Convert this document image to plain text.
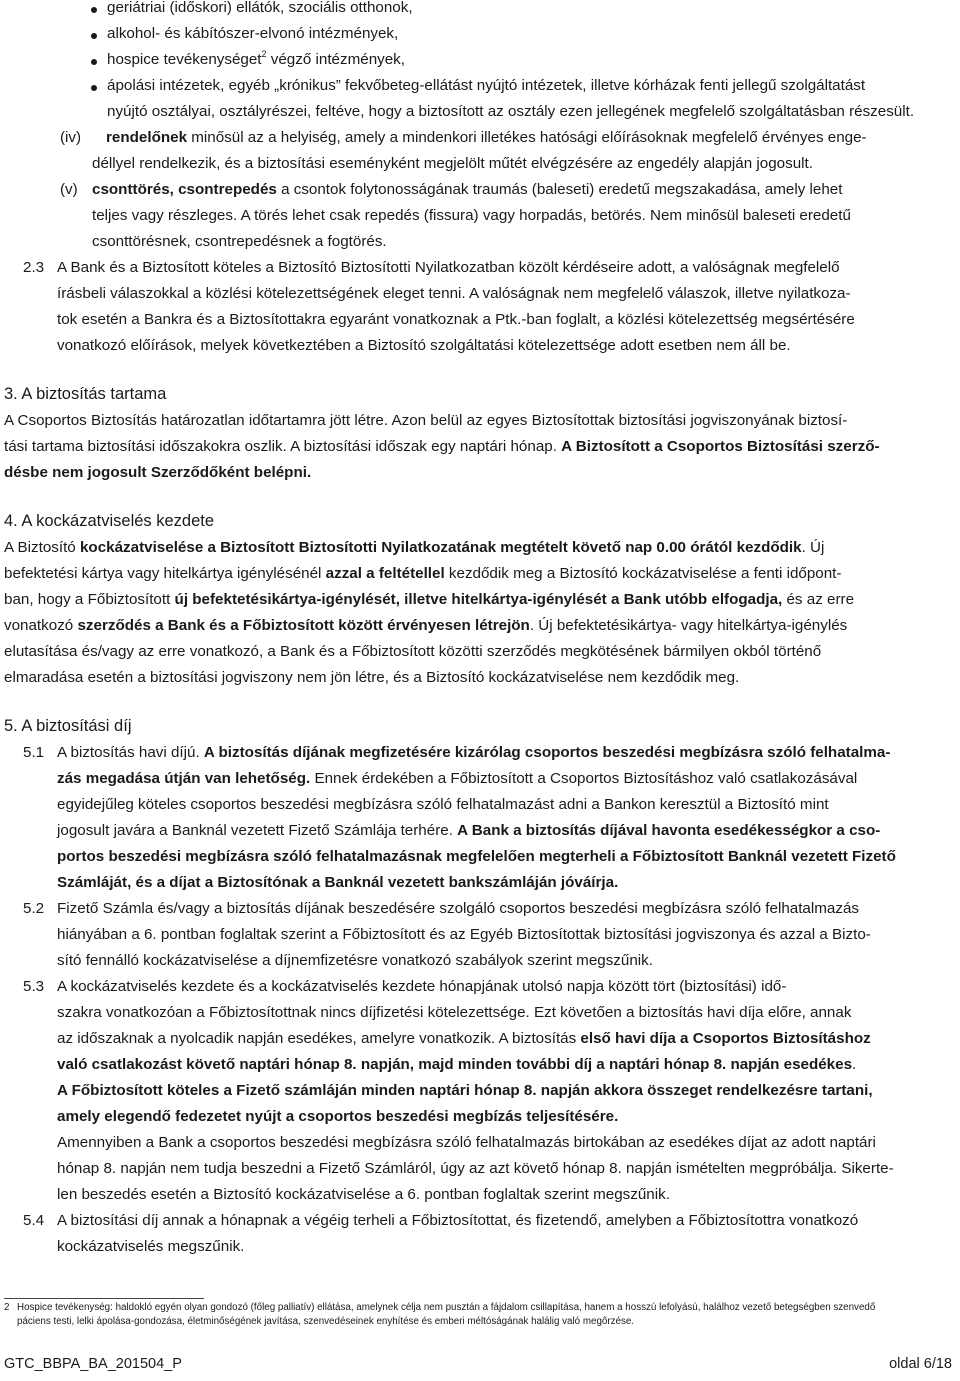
geriátriai (időskori) ellátók, szociális otthonok,
alkohol- és kábítószer-elvonó intézmények,
hospice tevékenységet$^2$ végző intézmények,
ápolási intézetek, egyéb „krónikus” fekvőbeteg-ellátást nyújtó intézetek, illetve kórházak fenti jellegű szolgáltatást
nyújtó osztályai, osztályrészei, feltéve, hogy a biztosított az osztály ezen jellegének megfelelő szolgáltatásban részesült.
(iv) rendelőnek minősül az a helyiség, amely a mindenkori illetékes hatósági előírásoknak megfelelő érvényes enge-
déllyel rendelkezik, és a biztosítási eseményként megjelölt műtét elvégzésére az engedély alapján jogosult.
(v) csonttörés, csontrepedés a csontok folytonosságának traumás (baleseti) eredetű megszakadása, amely lehet
teljes vagy részleges. A törés lehet csak repedés (fissura) vagy horpadás, betörés. Nem minősül baleseti eredetű
csonttörésnek, csontrepedésnek a fogtörés.
2.3 A Bank és a Biztosított köteles a Biztosító Biztosítotti Nyilatkozatban közölt kérdéseire adott, a valóságnak megfelelő
írásbeli válaszokkal a közlési kötelezettségének eleget tenni. A valóságnak nem megfelelő válaszok, illetve nyilatkoza-
tok esetén a Bankra és a Biztosítottakra egyaránt vonatkoznak a Ptk.-ban foglalt, a közlési kötelezettség megsértésére
vonatkozó előírások, melyek következtében a Biztosító szolgáltatási kötelezettsége adott esetben nem áll be.
3. A biztosítás tartama
A Csoportos Biztosítás határozatlan időtartamra jött létre. Azon belül az egyes Biztosítottak biztosítási jogviszonyának biztosí-
tási tartama biztosítási időszakokra oszlik. A biztosítási időszak egy naptári hónap. A Biztosított a Csoportos Biztosítási szerző-
désbe nem jogosult Szerződőként belépni.
4. A kockázatviselés kezdete
A Biztosító kockázatviselése a Biztosított Biztosítotti Nyilatkozatának megtételt követő nap 0.00 órától kezdődik. Új
befektetési kártya vagy hitelkártya igénylésénél azzal a feltétellel kezdődik meg a Biztosító kockázatviselése a fenti időpont-
ban, hogy a Főbiztosított új befektetésikártya-igénylését, illetve hitelkártya-igénylését a Bank utóbb elfogadja, és az erre
vonatkozó szerződés a Bank és a Főbiztosított között érvényesen létrejön. Új befektetésikártya- vagy hitelkártya-igénylés
elutasítása és/vagy az erre vonatkozó, a Bank és a Főbiztosított közötti szerződés megkötésének bármilyen okból történő
elmaradása esetén a biztosítási jogviszony nem jön létre, és a Biztosító kockázatviselése nem kezdődik meg.
5. A biztosítási díj
5.1 A biztosítás havi díjú. A biztosítás díjának megfizetésére kizárólag csoportos beszedési megbízásra szóló felhatalma-
zás megadása útján van lehetőség. Ennek érdekében a Főbiztosított a Csoportos Biztosításhoz való csatlakozásával
egyidejűleg köteles csoportos beszedési megbízásra szóló felhatalmazást adni a Bankon keresztül a Biztosító mint
jogosult javára a Banknál vezetett Fizető Számlája terhére. A Bank a biztosítás díjával havonta esedékességkor a cso-
portos beszedési megbízásra szóló felhatalmazásnak megfelelően megterheli a Főbiztosított Banknál vezetett Fizető
Számláját, és a díjat a Biztosítónak a Banknál vezetett bankszámláján jóváírja.
5.2 Fizető Számla és/vagy a biztosítás díjának beszedésére szolgáló csoportos beszedési megbízásra szóló felhatalmazás
hiányában a 6. pontban foglaltak szerint a Főbiztosított és az Egyéb Biztosítottak biztosítási jogviszonya és azzal a Bizto-
sító fennálló kockázatviselése a díjnemfizetésre vonatkozó szabályok szerint megszűnik.
5.3 A kockázatviselés kezdete és a kockázatviselés kezdete hónapjának utolsó napja között tört (biztosítási) idő-
szakra vonatkozóan a Főbiztosítottnak nincs díjfizetési kötelezettsége. Ezt követően a biztosítás havi díja előre, annak
az időszaknak a nyolcadik napján esedékes, amelyre vonatkozik. A biztosítás első havi díja a Csoportos Biztosításhoz
való csatlakozást követő naptári hónap 8. napján, majd minden további díj a naptári hónap 8. napján esedékes.
A Főbiztosított köteles a Fizető számláján minden naptári hónap 8. napján akkora összeget rendelkezésre tartani,
amely elegendő fedezetet nyújt a csoportos beszedési megbízás teljesítésére.
Amennyiben a Bank a csoportos beszedési megbízásra szóló felhatalmazás birtokában az esedékes díjat az adott naptári
hónap 8. napján nem tudja beszedni a Fizető Számláról, úgy az azt követő hónap 8. napján ismételten megpróbálja. Sikerte-
len beszedés esetén a Biztosító kockázatviselése a 6. pontban foglaltak szerint megszűnik.
5.4 A biztosítási díj annak a hónapnak a végéig terheli a Főbiztosítottat, és fizetendő, amelyben a Főbiztosítottra vonatkozó
kockázatviselés megszűnik.
2 Hospice tevékenység: haldokló egyén olyan gondozó (főleg palliatív) ellátása, amelynek célja nem pusztán a fájdalom csillapítása, hanem a hosszú lefolyású, halálhoz vezető betegségben szenvedő
páciens testi, lelki ápolása-gondozása, életminőségének javítása, szenvedéseinek enyhítése és emberi méltóságának halálig való megőrzése.
GTC_BBPA_BA_201504_P	oldal 6/18
